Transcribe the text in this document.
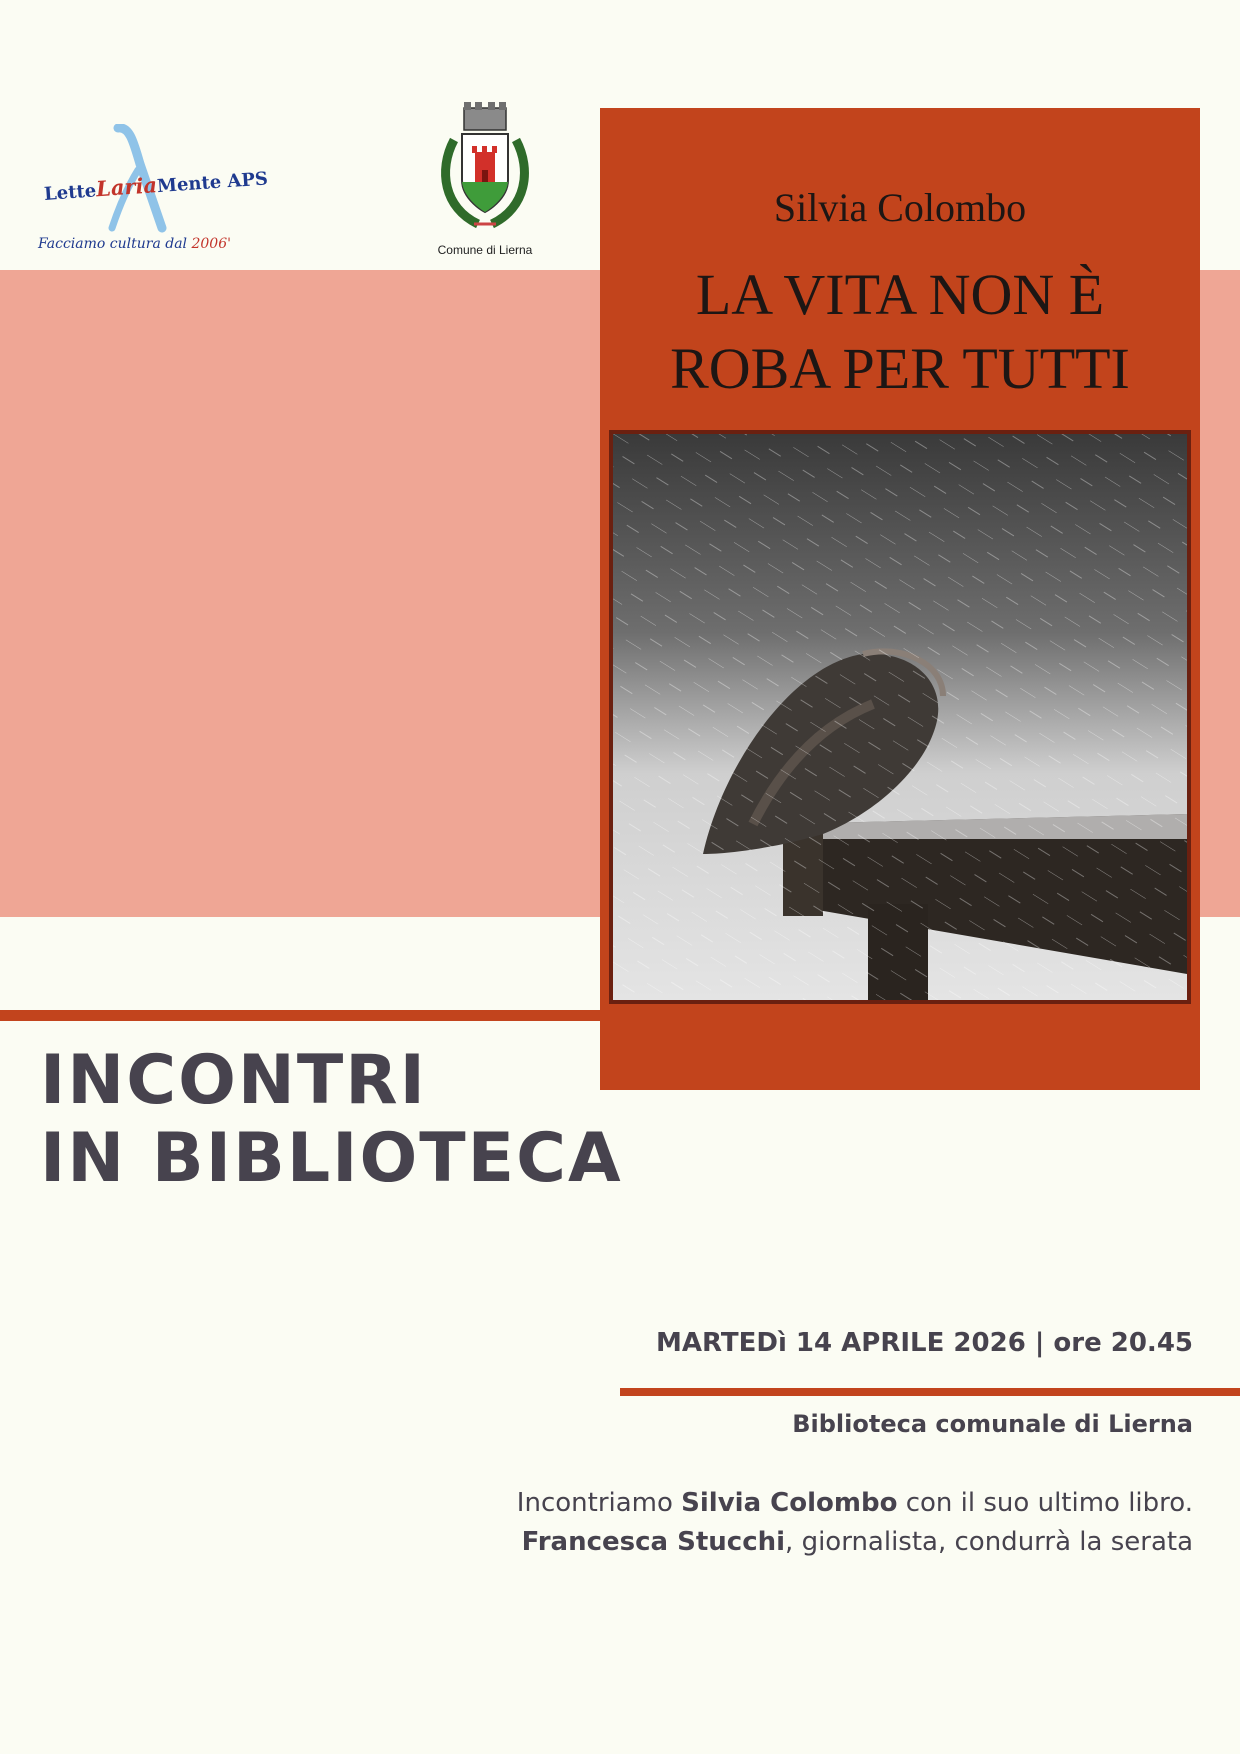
LetteLariaMente APS
Facciamo cultura dal 2006'	Comune di Lierna
Silvia Colombo
LA VITA NON È
ROBA PER TUTTI
INCONTRI
IN BIBLIOTECA
MARTEDì 14 APRILE 2026 | ore 20.45
Biblioteca comunale di Lierna
Incontriamo Silvia Colombo con il suo ultimo libro.
Francesca Stucchi, giornalista, condurrà la serata
